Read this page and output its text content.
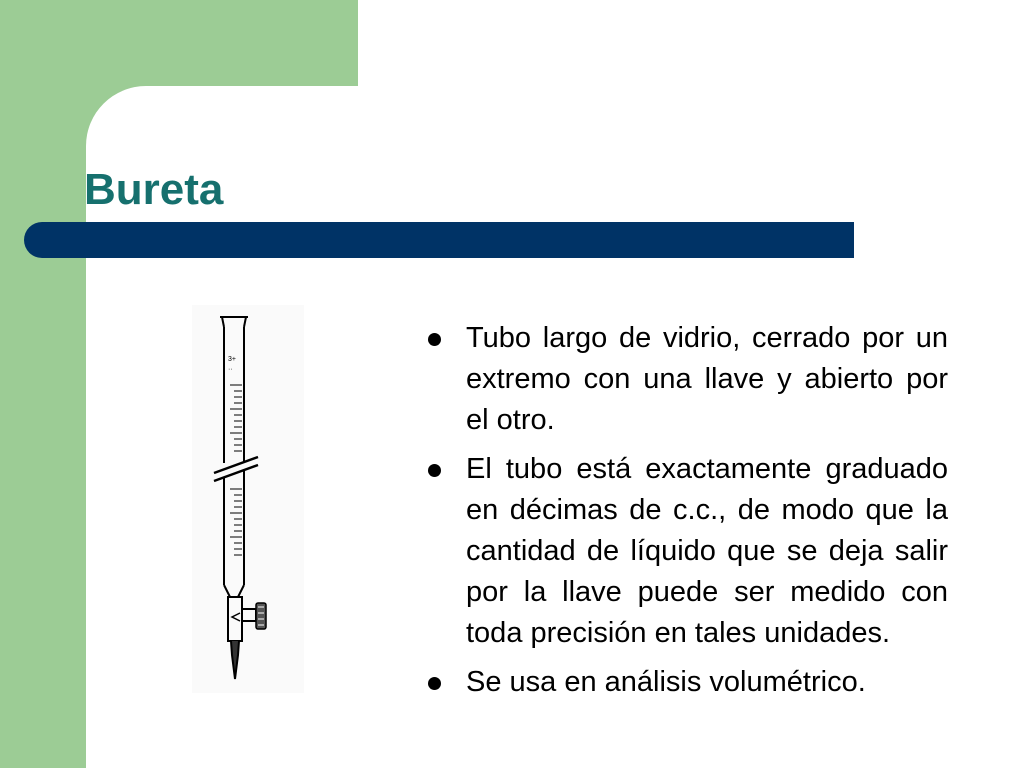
Bureta
3+
··
Tubo largo de vidrio, cerrado por un extremo con una llave y abierto por el otro.
El tubo está exactamente graduado en décimas de c.c., de modo que la cantidad de líquido que se deja salir por la llave puede ser medido con toda precisión en tales unidades.
Se usa en análisis volumétrico.
